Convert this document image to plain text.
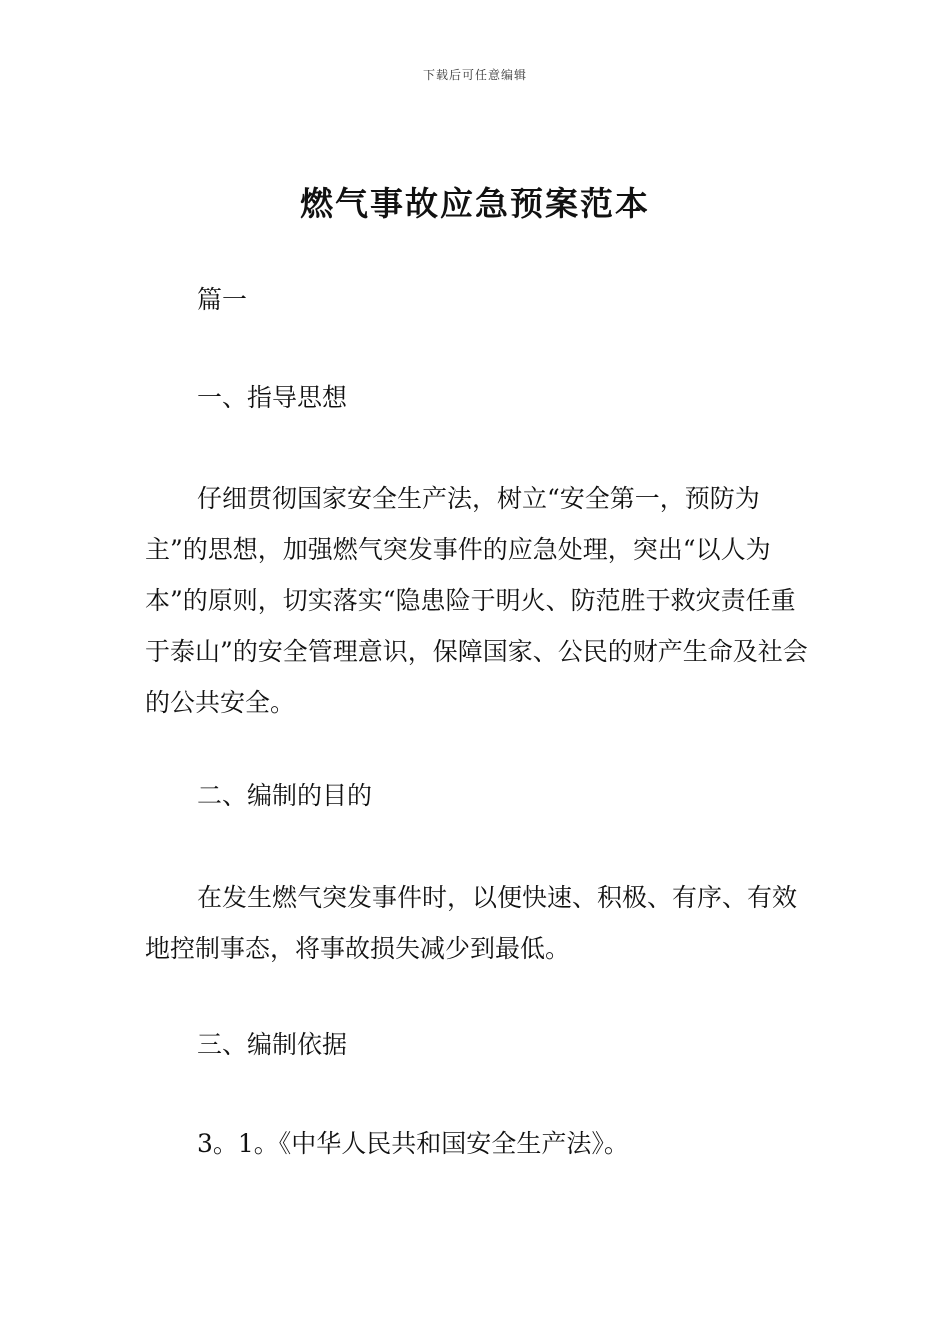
下载后可任意编辑
燃气事故应急预案范本

篇一

一、指导思想

仔细贯彻国家安全生产法，树立“安全第一，预防为主”的思想，加强燃气突发事件的应急处理，突出“以人为本”的原则，切实落实“隐患险于明火、防范胜于救灾责任重于泰山”的安全管理意识，保障国家、公民的财产生命及社会的公共安全。

二、编制的目的

在发生燃气突发事件时，以便快速、积极、有序、有效地控制事态，将事故损失减少到最低。

三、编制依据

3。1。《中华人民共和国安全生产法》。
